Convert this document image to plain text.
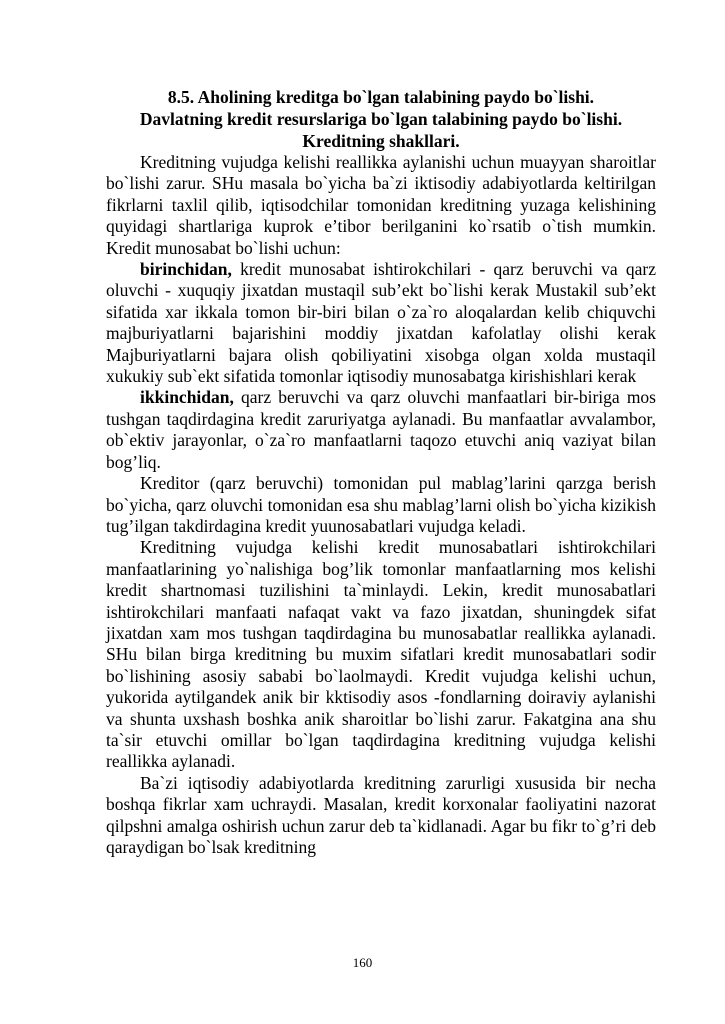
8.5. Aholining kreditga bo`lgan talabining paydo bo`lishi.
Davlatning kredit resurslariga bo`lgan talabining paydo bo`lishi.
Kreditning shakllari.

Kreditning vujudga kelishi reallikka aylanishi uchun muayyan sharoitlar bo`lishi zarur. SHu masala bo`yicha ba`zi iktisodiy adabiyotlarda keltirilgan fikrlarni taxlil qilib, iqtisodchilar tomonidan kreditning yuzaga kelishining quyidagi shartlariga kuprok e’tibor berilganini ko`rsatib o`tish mumkin. Kredit munosabat bo`lishi uchun:

birinchidan, kredit munosabat ishtirokchilari - qarz beruvchi va qarz oluvchi - xuquqiy jixatdan mustaqil sub’ekt bo`lishi kerak Mustakil sub’ekt sifatida xar ikkala tomon bir-biri bilan o`za`ro aloqalardan kelib chiquvchi majburiyatlarni bajarishini moddiy jixatdan kafolatlay olishi kerak Majburiyatlarni bajara olish qobiliyatini xisobga olgan xolda mustaqil xukukiy sub`ekt sifatida tomonlar iqtisodiy munosabatga kirishishlari kerak

ikkinchidan, qarz beruvchi va qarz oluvchi manfaatlari bir-biriga mos tushgan taqdirdagina kredit zaruriyatga aylanadi. Bu manfaatlar avvalambor, ob`ektiv jarayonlar, o`za`ro manfaatlarni taqozo etuvchi aniq vaziyat bilan bog’liq.

Kreditor (qarz beruvchi) tomonidan pul mablag’larini qarzga berish bo`yicha, qarz oluvchi tomonidan esa shu mablag’larni olish bo`yicha kizikish tug’ilgan takdirdagina kredit yuunosabatlari vujudga keladi.

Kreditning vujudga kelishi kredit munosabatlari ishtirokchilari manfaatlarining yo`nalishiga bog’lik tomonlar manfaatlarning mos kelishi kredit shartnomasi tuzilishini ta`minlaydi. Lekin, kredit munosabatlari ishtirokchilari manfaati nafaqat vakt va fazo jixatdan, shuningdek sifat jixatdan xam mos tushgan taqdirdagina bu munosabatlar reallikka aylanadi. SHu bilan birga kreditning bu muxim sifatlari kredit munosabatlari sodir bo`lishining asosiy sababi bo`laolmaydi. Kredit vujudga kelishi uchun, yukorida aytilgandek anik bir kktisodiy asos -fondlarning doiraviy aylanishi va shunta uxshash boshka anik sharoitlar bo`lishi zarur. Fakatgina ana shu ta`sir etuvchi omillar bo`lgan taqdirdagina kreditning vujudga kelishi reallikka aylanadi.

Ba`zi iqtisodiy adabiyotlarda kreditning zarurligi xususida bir necha boshqa fikrlar xam uchraydi. Masalan, kredit korxonalar faoliyatini nazorat qilpshni amalga oshirish uchun zarur deb ta`kidlanadi. Agar bu fikr to`g’ri deb qaraydigan bo`lsak kreditning

160
